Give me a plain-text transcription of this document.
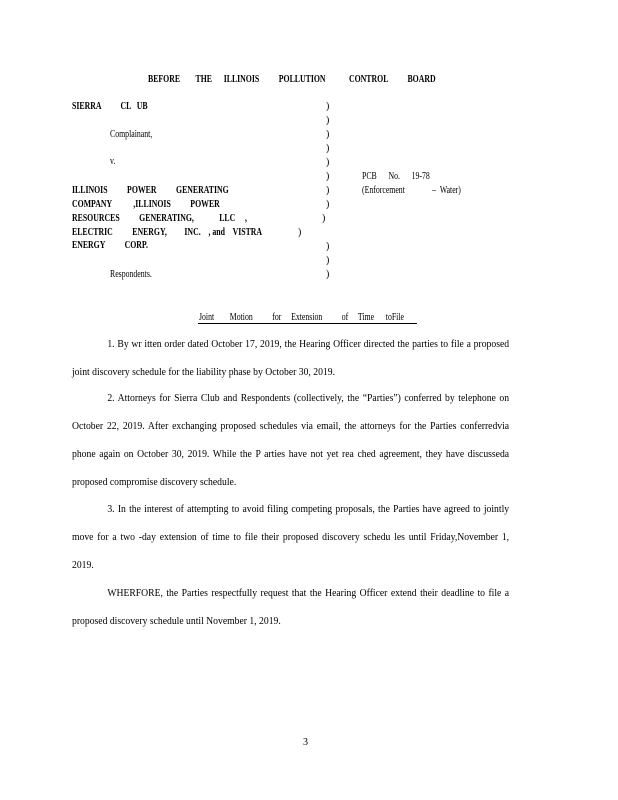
BEFORE        THE      ILLINOIS          POLLUTION            CONTROL          BOARD
SIERRA          CL   UB
Complainant,
v.
ILLINOIS          POWER          GENERATING
COMPANY           ,ILLINOIS          POWER
RESOURCES          GENERATING,             LLC     ,
ELECTRIC          ENERGY,         INC.    , and    VISTRA
ENERGY          CORP.
Respondents.
PCB      No.      19-78
(Enforcement              –  Water)
)
)
)
)
)
)
)
)
)
)
)
)
)
Joint        Motion          for     Extension          of     Time      toFile
1. By wr itten order dated October 17, 2019, the Hearing Officer directed the parties to file a proposed joint discovery schedule for the liability phase by October 30, 2019.
2. Attorneys for Sierra Club and Respondents (collectively, the “Parties”) conferred by telephone on October 22, 2019. After exchanging proposed schedules via email, the attorneys for the Parties conferredvia phone again on October 30, 2019. While the P arties have not yet rea ched agreement, they have discusseda proposed compromise discovery schedule.
3. In the interest of attempting to avoid filing competing proposals, the Parties have agreed to jointly move for a two -day extension of time to file their proposed discovery schedu les until Friday,November 1, 2019.
WHERFORE, the Parties respectfully request that the Hearing Officer extend their deadline to file a proposed discovery schedule until November 1, 2019.
3
